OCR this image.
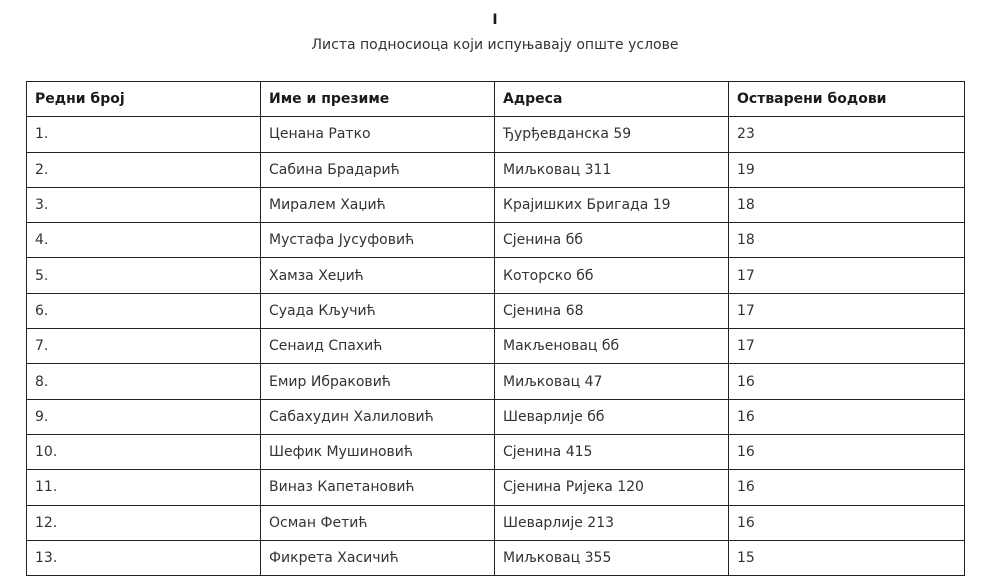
I
Листа подносиоца који испуњавају опште услове
Редни број	Име и презиме	Адреса	Остварени бодови
1.	Ценана Ратко	Ђурђевданска 59	23
2.	Сабина Брадарић	Миљковац 311	19
3.	Миралем Хаџић	Крајишких Бригада 19	18
4.	Мустафа Јусуфовић	Сјенина бб	18
5.	Хамза Хеџић	Которско бб	17
6.	Суада Кључић	Сјенина 68	17
7.	Сенаид Спахић	Макљеновац бб	17
8.	Емир Ибраковић	Миљковац 47	16
9.	Сабахудин Халиловић	Шеварлије бб	16
10.	Шефик Мушиновић	Сјенина 415	16
11.	Виназ Капетановић	Сјенина Ријека 120	16
12.	Осман Фетић	Шеварлије 213	16
13.	Фикрета Хасичић	Миљковац 355	15
